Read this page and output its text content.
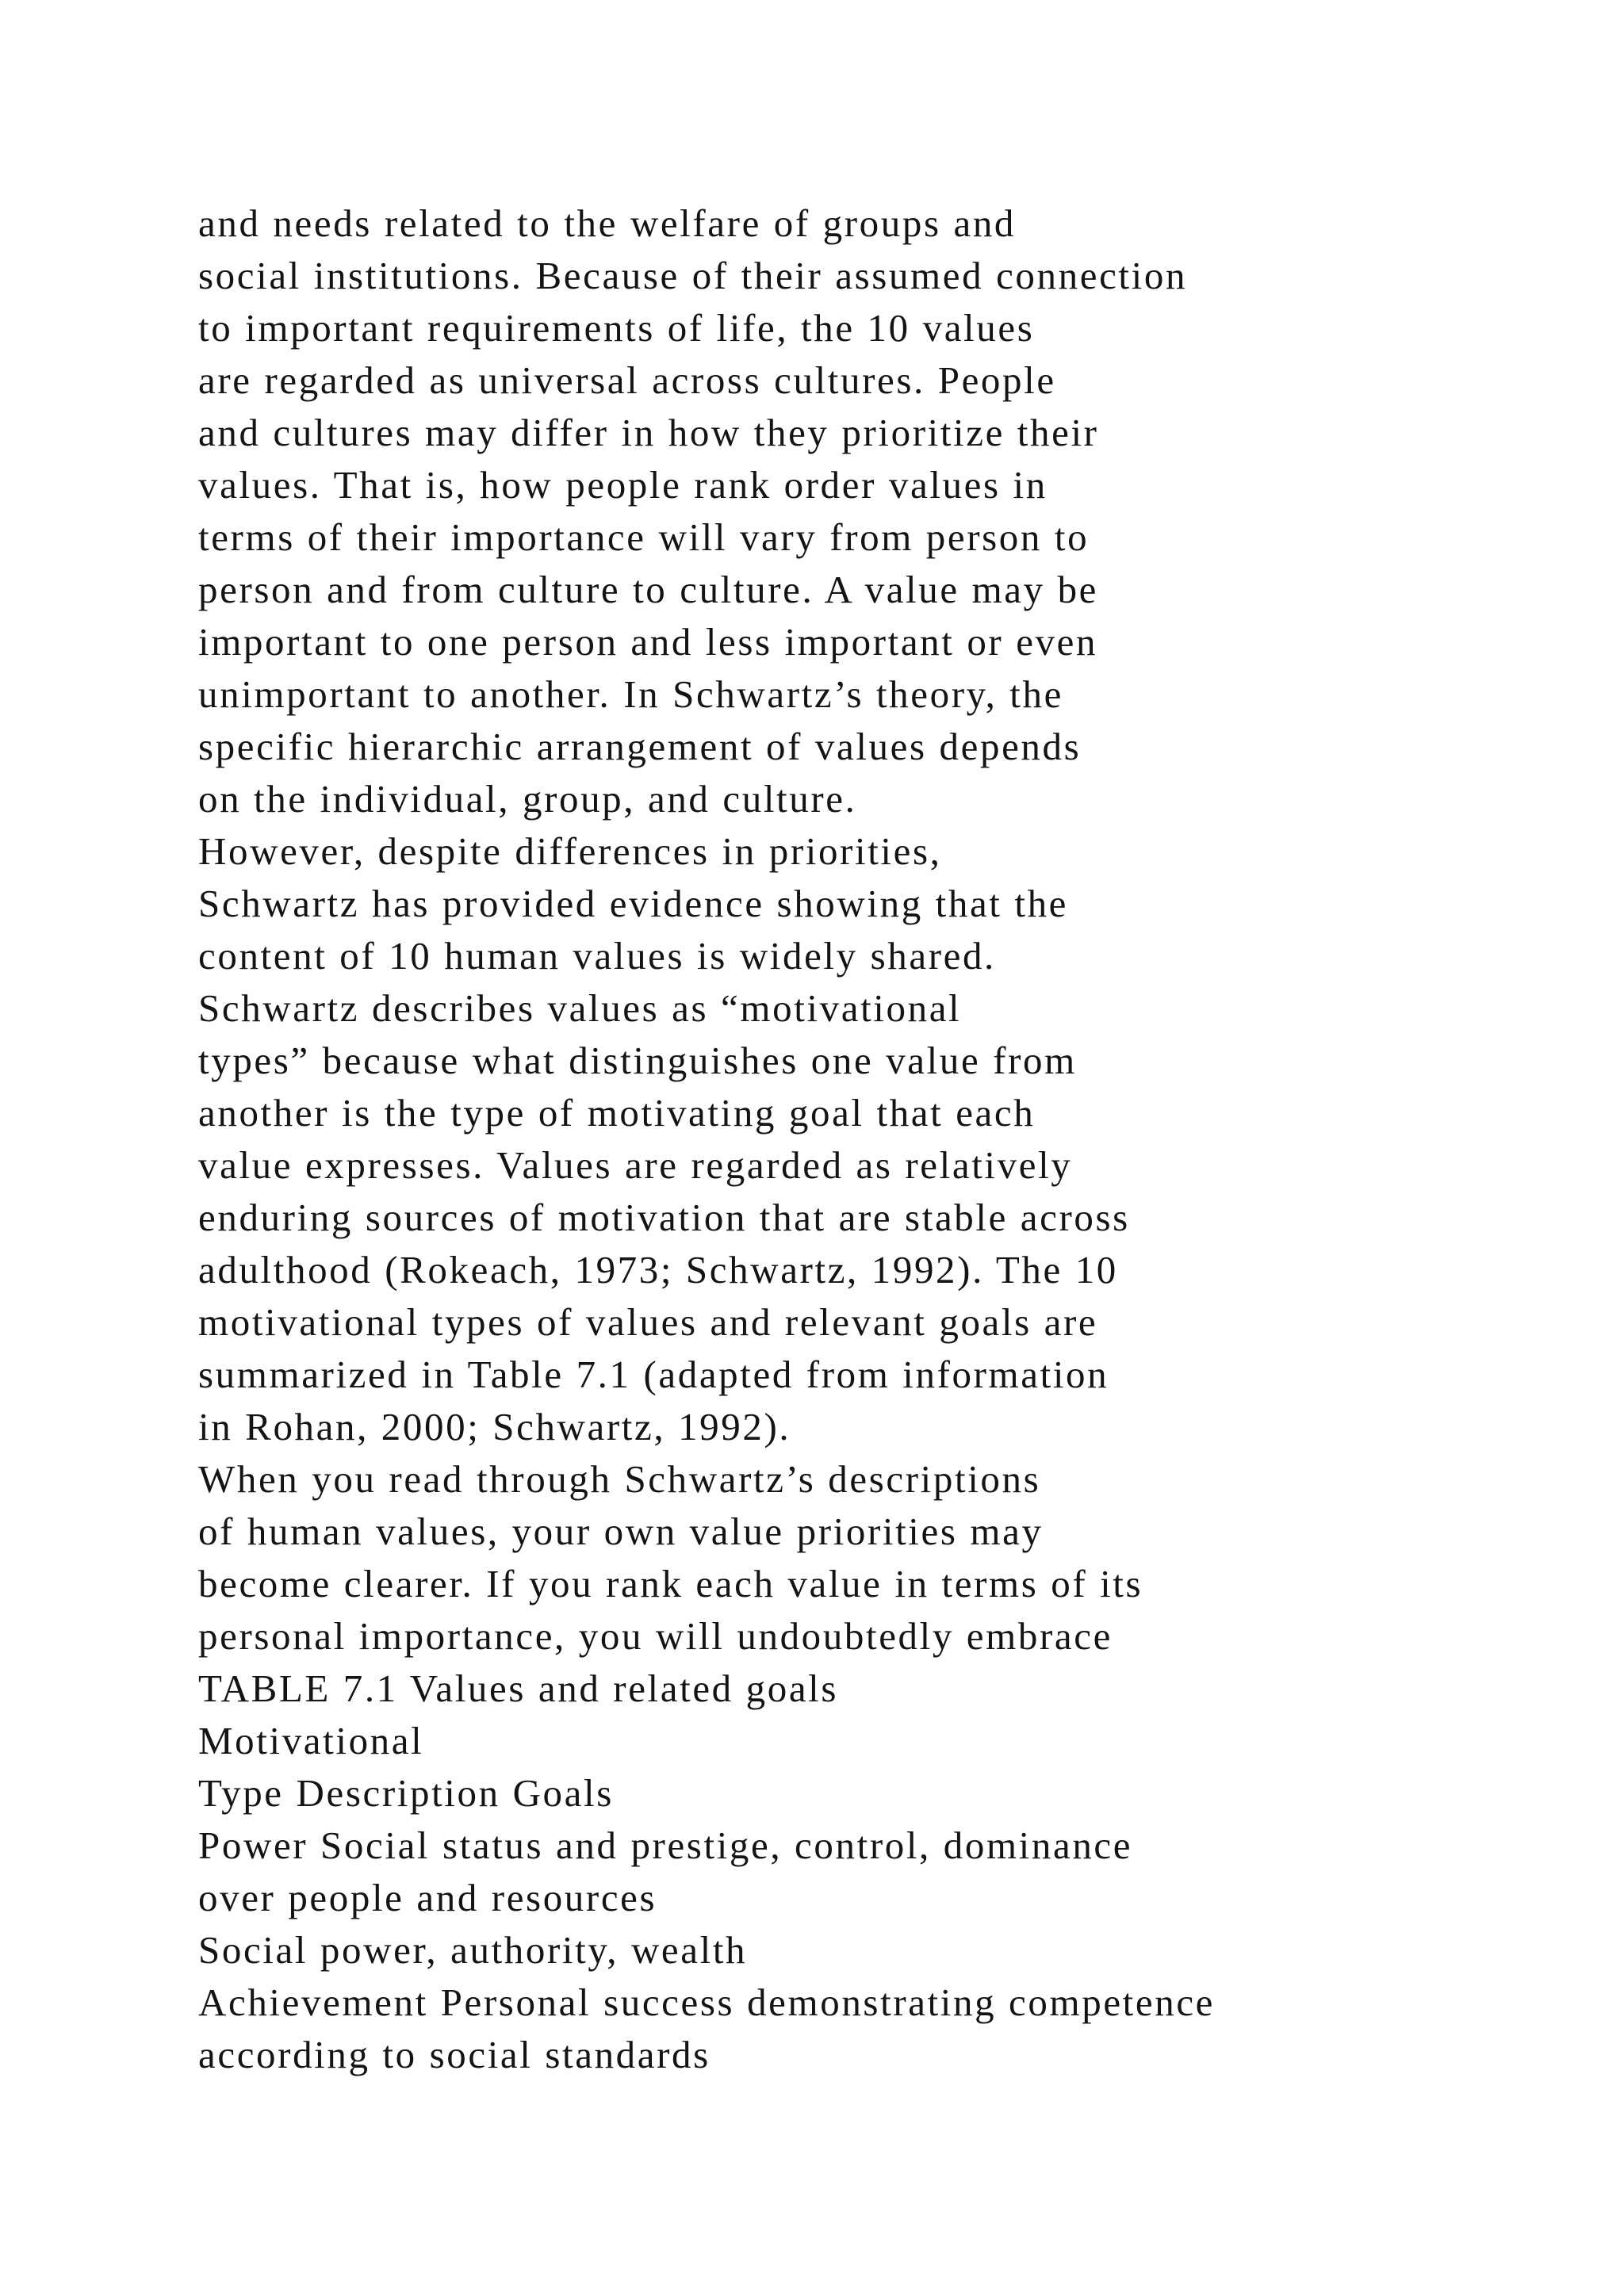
and needs related to the welfare of groups and
social institutions. Because of their assumed connection
to important requirements of life, the 10 values
are regarded as universal across cultures. People
and cultures may differ in how they prioritize their
values. That is, how people rank order values in
terms of their importance will vary from person to
person and from culture to culture. A value may be
important to one person and less important or even
unimportant to another. In Schwartz’s theory, the
specific hierarchic arrangement of values depends
on the individual, group, and culture.
However, despite differences in priorities,
Schwartz has provided evidence showing that the
content of 10 human values is widely shared.
Schwartz describes values as “motivational
types” because what distinguishes one value from
another is the type of motivating goal that each
value expresses. Values are regarded as relatively
enduring sources of motivation that are stable across
adulthood (Rokeach, 1973; Schwartz, 1992). The 10
motivational types of values and relevant goals are
summarized in Table 7.1 (adapted from information
in Rohan, 2000; Schwartz, 1992).
When you read through Schwartz’s descriptions
of human values, your own value priorities may
become clearer. If you rank each value in terms of its
personal importance, you will undoubtedly embrace
TABLE 7.1 Values and related goals
Motivational
Type Description Goals
Power Social status and prestige, control, dominance
over people and resources
Social power, authority, wealth
Achievement Personal success demonstrating competence
according to social standards
